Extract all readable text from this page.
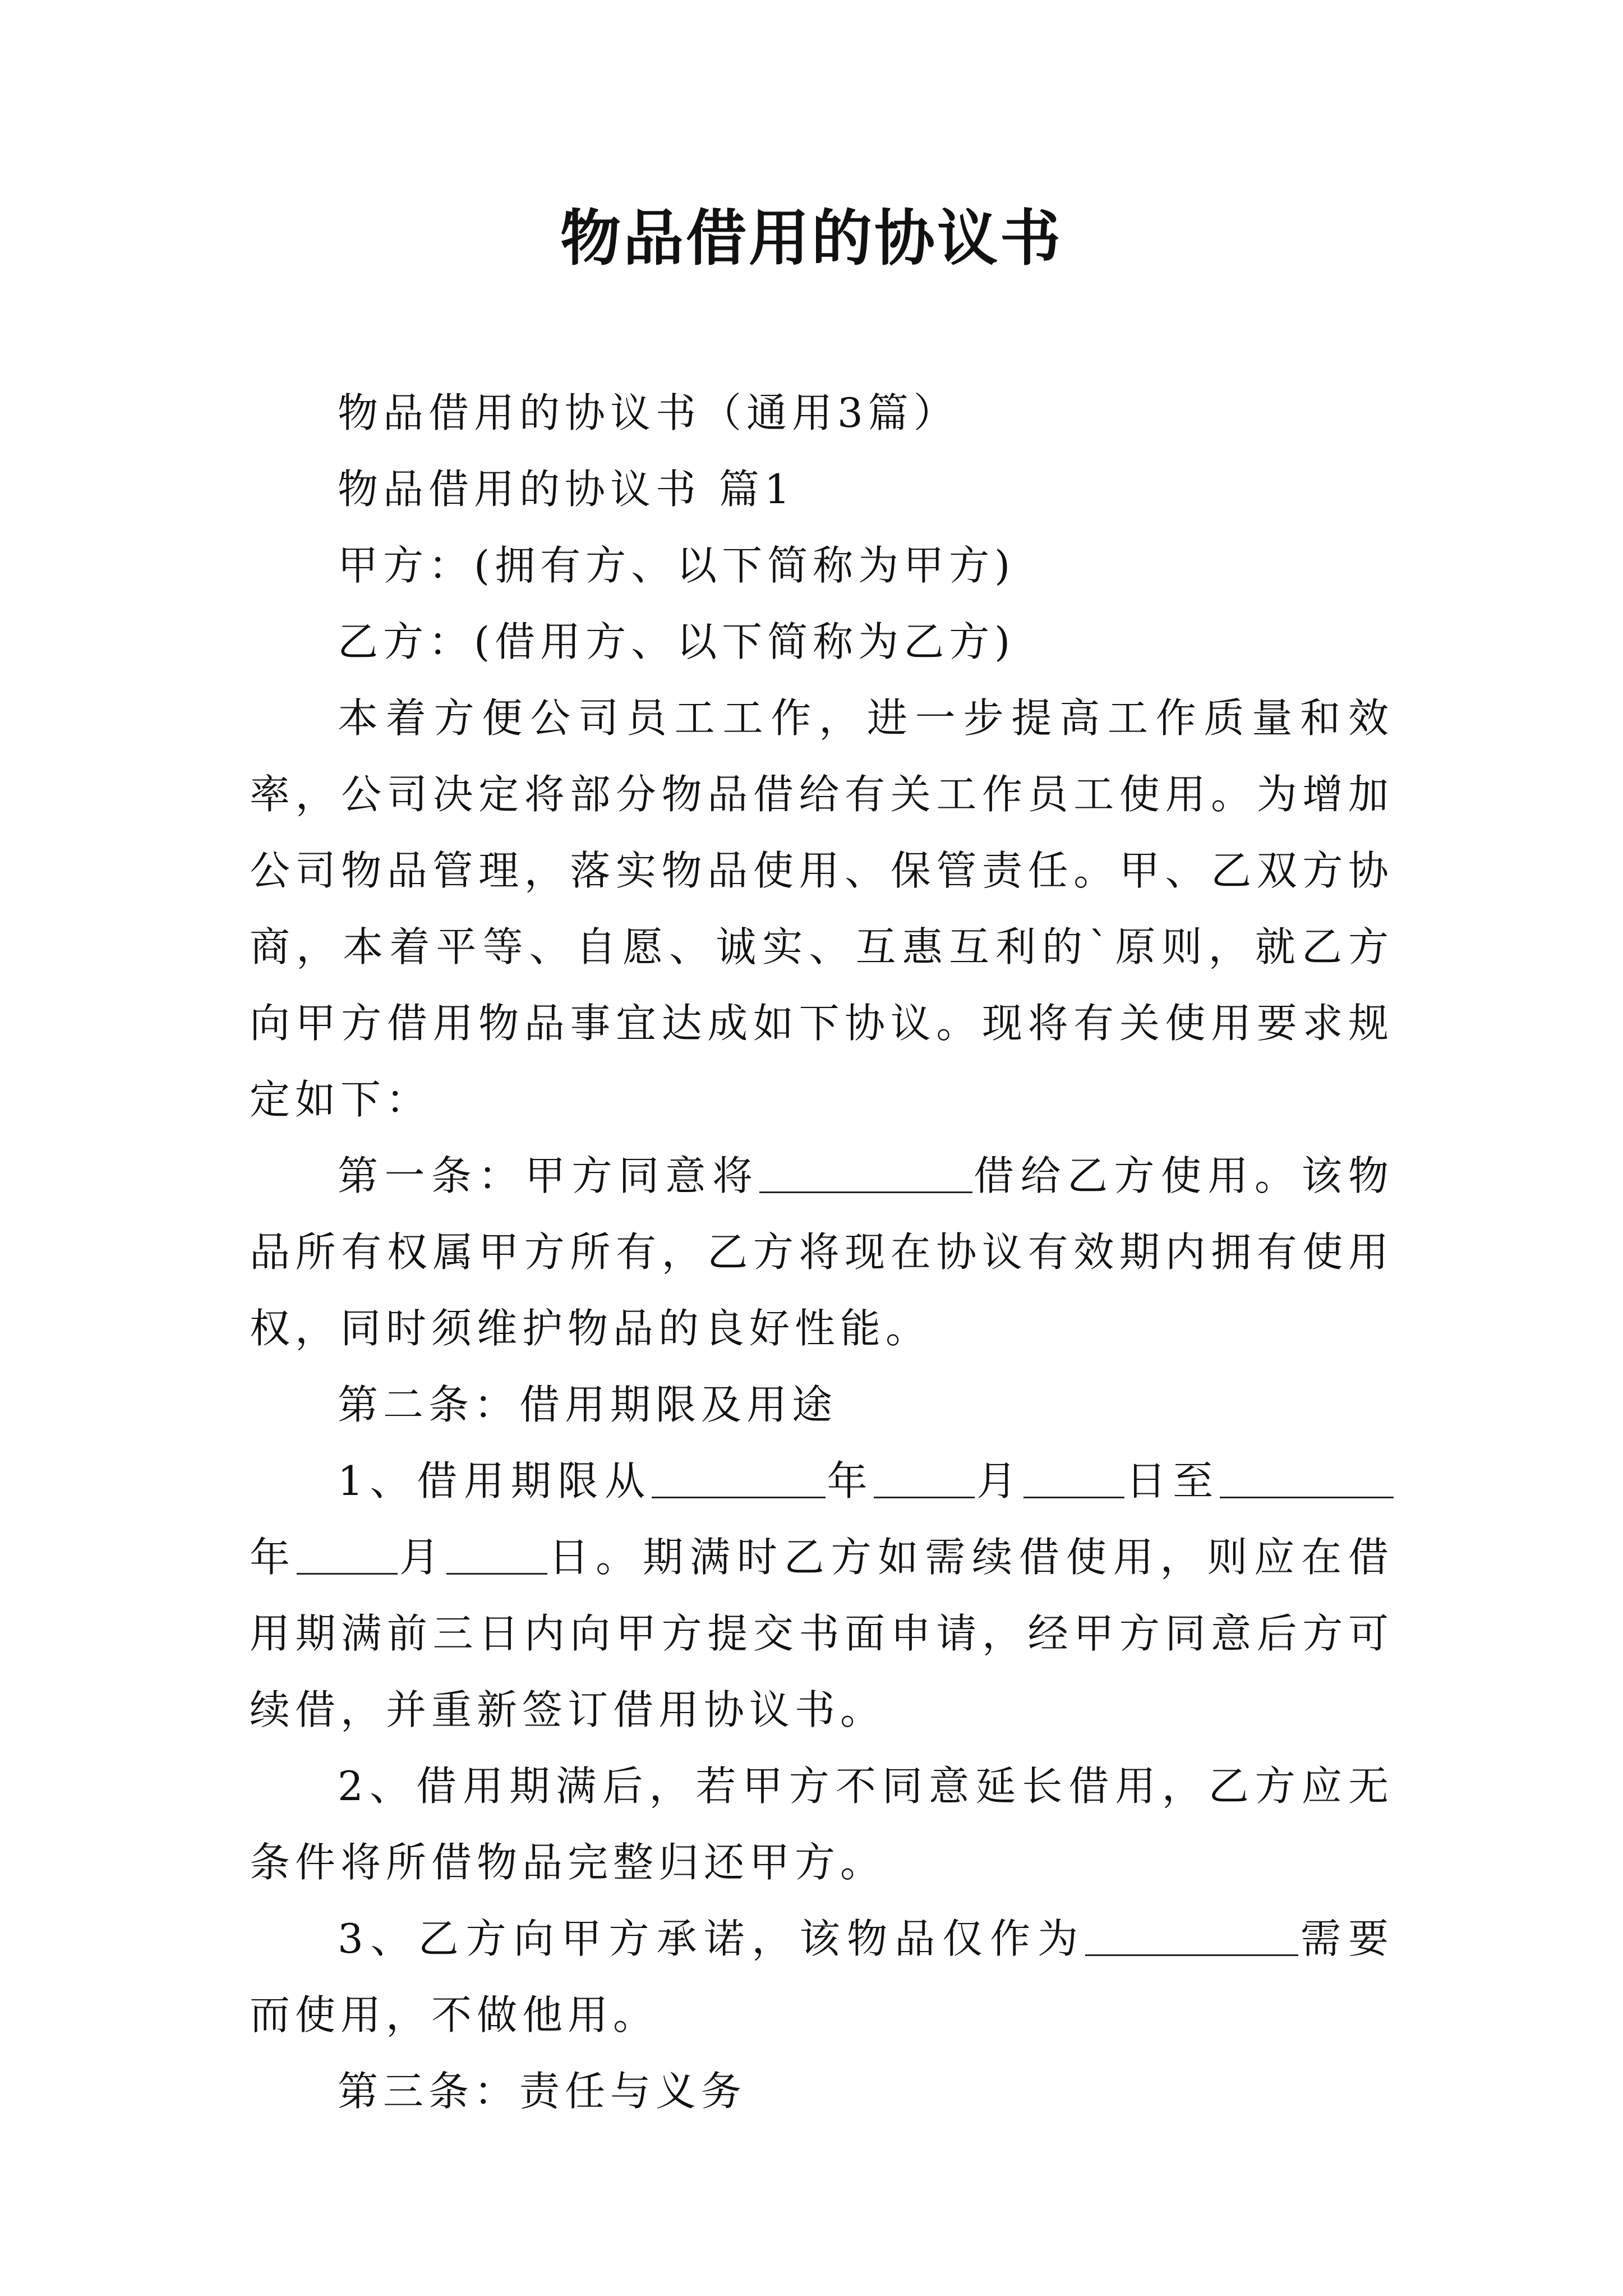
物品借用的协议书

物品借用的协议书（通用3篇）

物品借用的协议书 篇1

甲方：(拥有方、以下简称为甲方)

乙方：(借用方、以下简称为乙方)

本着方便公司员工工作，进一步提高工作质量和效率，公司决定将部分物品借给有关工作员工使用。为增加公司物品管理，落实物品使用、保管责任。甲、乙双方协商，本着平等、自愿、诚实、互惠互利的`原则，就乙方向甲方借用物品事宜达成如下协议。现将有关使用要求规定如下：

第一条：甲方同意将	借给乙方使用。该物品所有权属甲方所有，乙方将现在协议有效期内拥有使用权，同时须维护物品的良好性能。

第二条：借用期限及用途

1、借用期限从	年	月	日至年	月	日。期满时乙方如需续借使用，则应在借用期满前三日内向甲方提交书面申请，经甲方同意后方可续借，并重新签订借用协议书。

2、借用期满后，若甲方不同意延长借用，乙方应无条件将所借物品完整归还甲方。

3、乙方向甲方承诺，该物品仅作为	需要而使用，不做他用。

第三条：责任与义务
